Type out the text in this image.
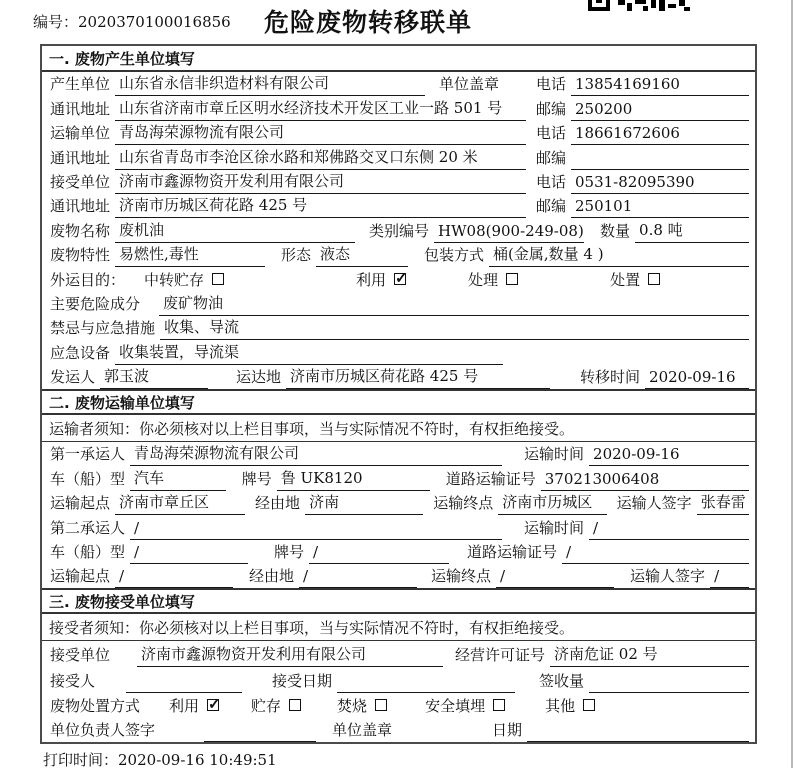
编号：2020370100016856	危险废物转移联单
一. 废物产生单位填写
产生单位 山东省永信非织造材料有限公司	单位盖章 电话 13854169160
通讯地址 山东省济南市章丘区明水经济技术开发区工业一路 501 号	邮编 250200
运输单位 青岛海荣源物流有限公司	电话 18661672606
通讯地址 山东省青岛市李沧区徐水路和郑佛路交叉口东侧 20 米	邮编
接受单位 济南市鑫源物资开发利用有限公司	电话 0531-82095390
通讯地址 济南市历城区荷花路 425 号	邮编 250101
废物名称 废机油	类别编号 HW08(900-249-08) 数量 0.8 吨
废物特性 易燃性,毒性	形态 液态	包装方式 桶(金属,数量 4 )
外运目的：	中转贮存	利用 ✓	处理	处置
主要危险成分	废矿物油
禁忌与应急措施 收集、导流
应急设备 收集装置，导流渠
发运人 郭玉波	运达地 济南市历城区荷花路 425 号	转移时间 2020-09-16
二. 废物运输单位填写
运输者须知：你必须核对以上栏目事项，当与实际情况不符时，有权拒绝接受。
第一承运人 青岛海荣源物流有限公司	运输时间 2020-09-16
车（船）型 汽车	牌号 鲁 UK8120	道路运输证号 370213006408
运输起点 济南市章丘区	经由地 济南	运输终点 济南市历城区	运输人签字 张春雷
第二承运人 /	运输时间 /
车（船）型 /	牌号 /	道路运输证号 /
运输起点 /	经由地 /	运输终点 /	运输人签字 /
三. 废物接受单位填写
接受者须知：你必须核对以上栏目事项，当与实际情况不符时，有权拒绝接受。
接受单位	济南市鑫源物资开发利用有限公司	经营许可证号 济南危证 02 号
接受人	接受日期	签收量
废物处置方式	利用 ✓	贮存	焚烧	安全填埋	其他
单位负责人签字	单位盖章	日期
打印时间：2020-09-16 10:49:51
